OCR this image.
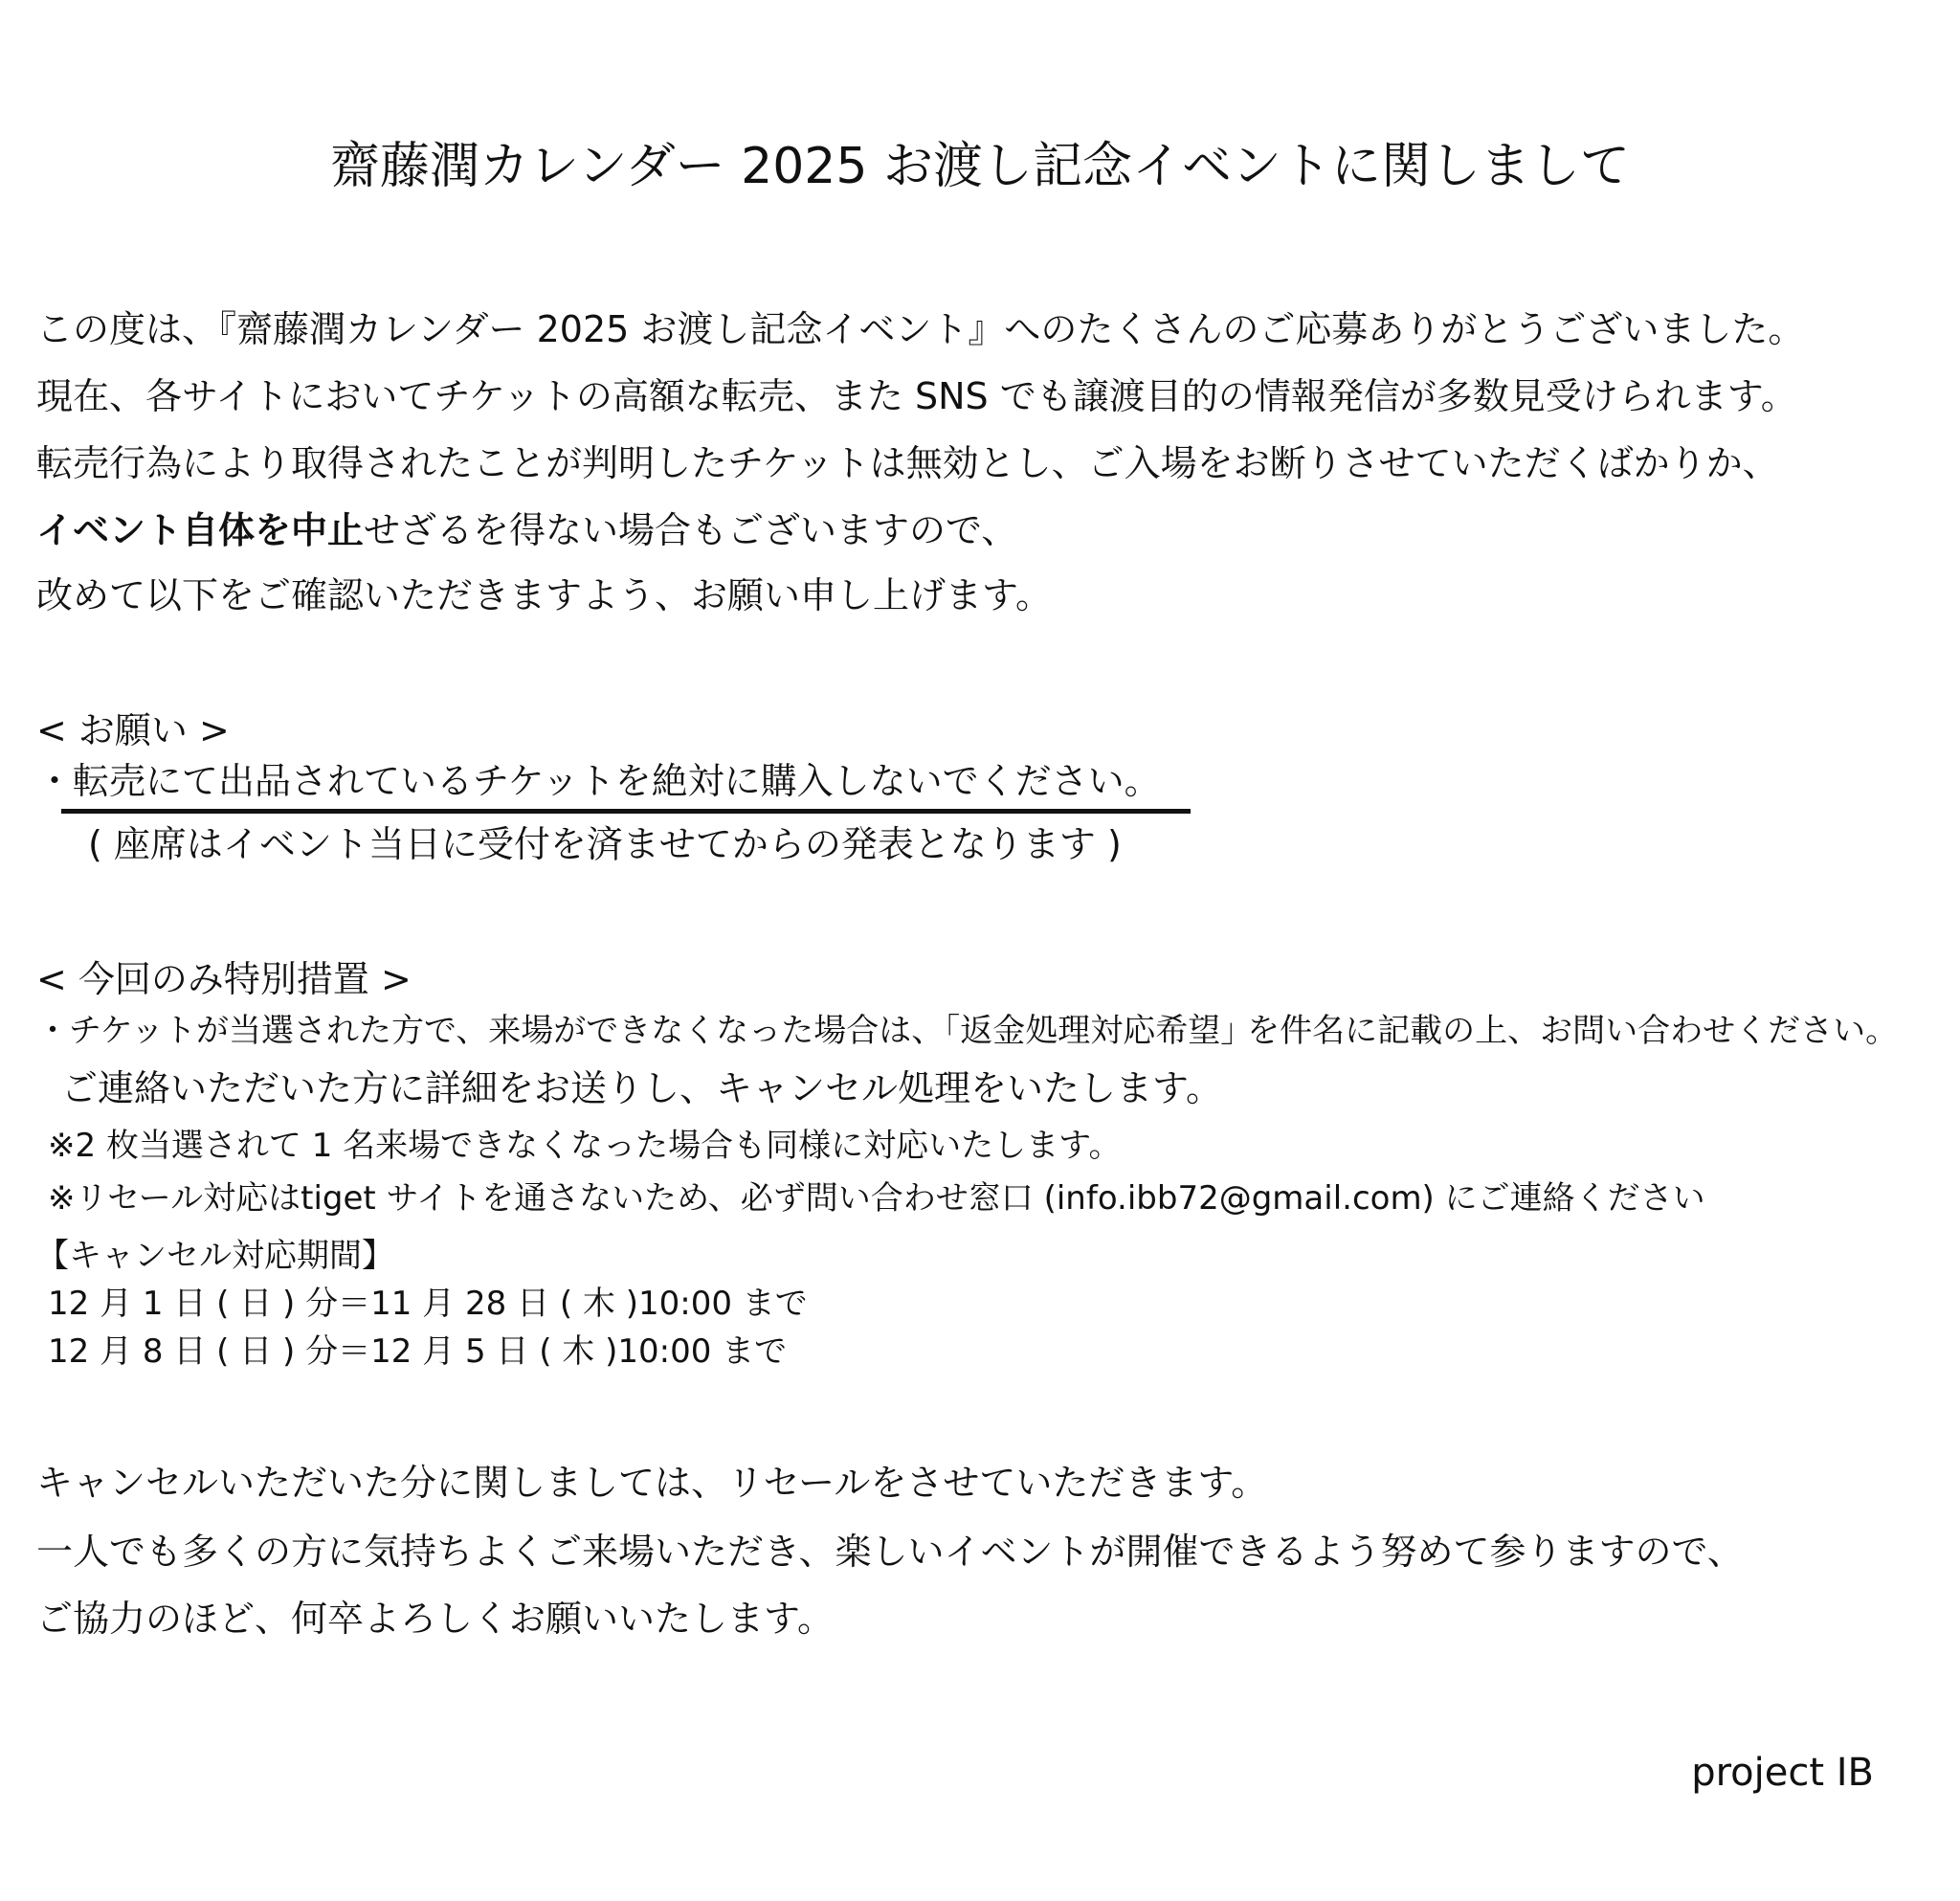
齋藤潤カレンダー 2025 お渡し記念イベントに関しまして
この度は、『齋藤潤カレンダー 2025 お渡し記念イベント』へのたくさんのご応募ありがとうございました。
現在、各サイトにおいてチケットの高額な転売、また SNS でも譲渡目的の情報発信が多数見受けられます。
転売行為により取得されたことが判明したチケットは無効とし、ご入場をお断りさせていただくばかりか、
イベント自体を中止せざるを得ない場合もございますので、
改めて以下をご確認いただきますよう、お願い申し上げます。
< お願い >
・転売にて出品されているチケットを絶対に購入しないでください。
( 座席はイベント当日に受付を済ませてからの発表となります )
< 今回のみ特別措置 >
・チケットが当選された方で、来場ができなくなった場合は、｢返金処理対応希望｣ を件名に記載の上、お問い合わせください。
ご連絡いただいた方に詳細をお送りし、キャンセル処理をいたします。
※2 枚当選されて 1 名来場できなくなった場合も同様に対応いたします。
※リセール対応はtiget サイトを通さないため、必ず問い合わせ窓口 (info.ibb72@gmail.com) にご連絡ください
【キャンセル対応期間】
12 月 1 日 ( 日 ) 分＝11 月 28 日 ( 木 )10:00 まで
12 月 8 日 ( 日 ) 分＝12 月 5 日 ( 木 )10:00 まで
キャンセルいただいた分に関しましては、リセールをさせていただきます。
一人でも多くの方に気持ちよくご来場いただき、楽しいイベントが開催できるよう努めて参りますので、
ご協力のほど、何卒よろしくお願いいたします。
project IB
